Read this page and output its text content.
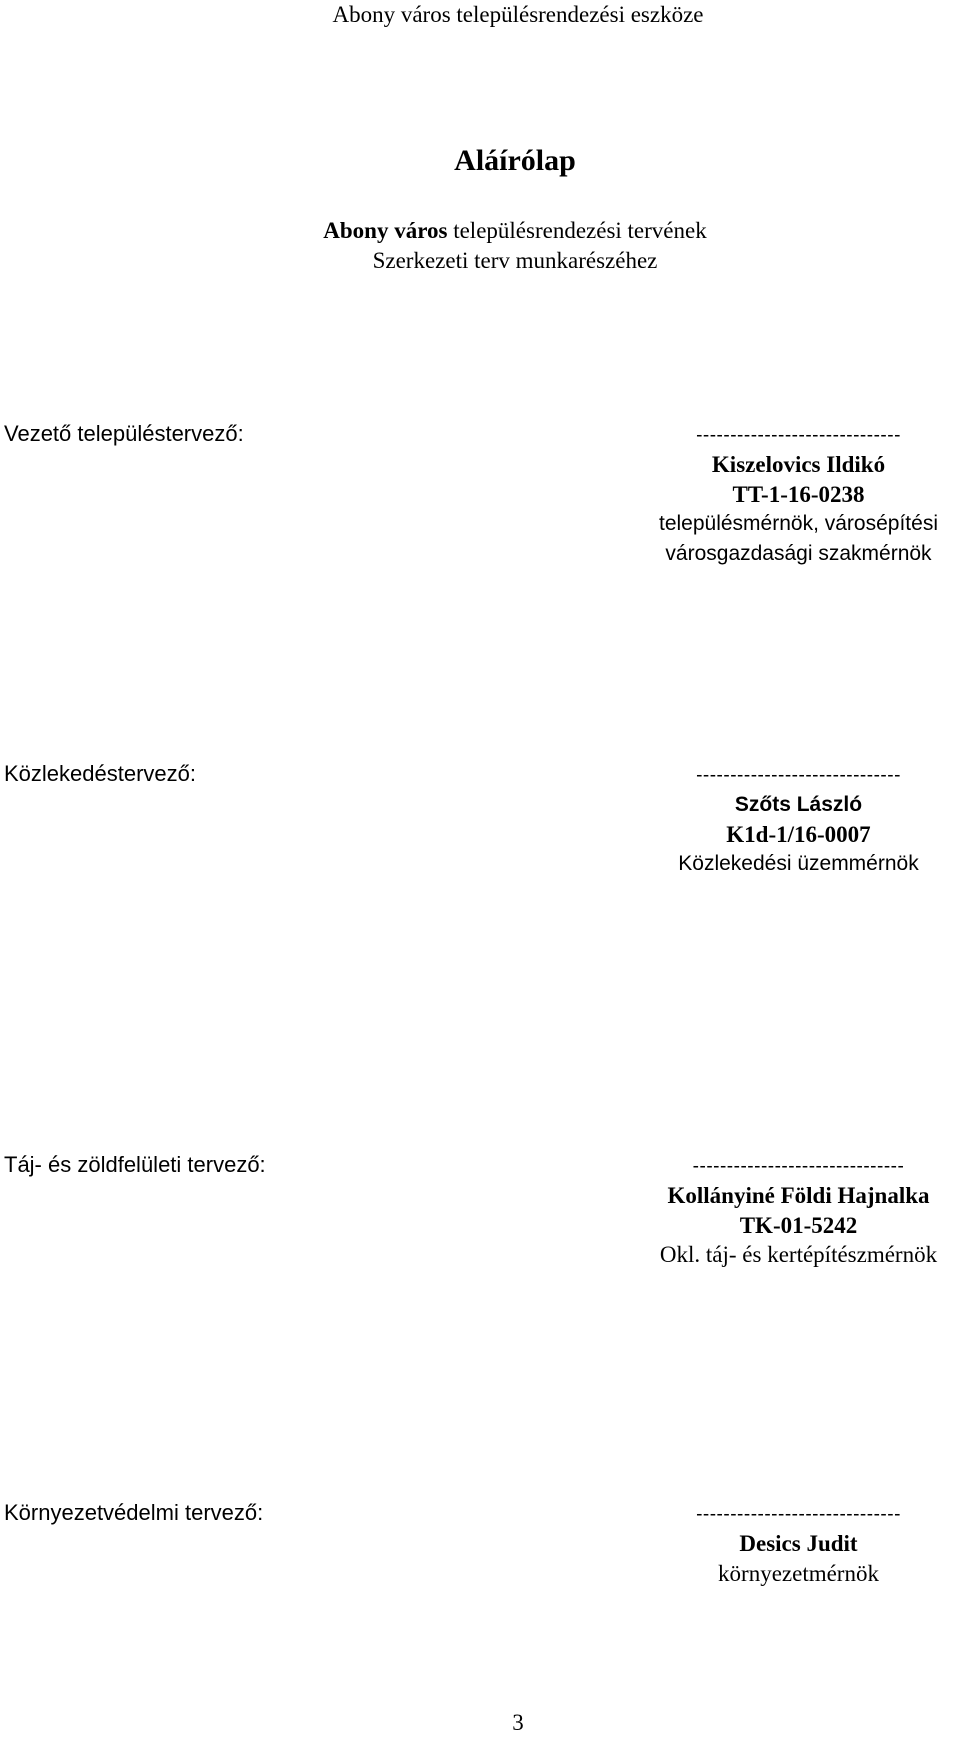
Abony város településrendezési eszköze
Aláírólap
Abony város településrendezési tervének
Szerkezeti terv munkarészéhez
Vezető településtervező:	------------------------------
Kiszelovics Ildikó
TT-1-16-0238
településmérnök, városépítési
városgazdasági szakmérnök
Közlekedéstervező:	------------------------------
Szőts László
K1d-1/16-0007
Közlekedési üzemmérnök
Táj- és zöldfelületi tervező:	-------------------------------
Kollányiné Földi Hajnalka
TK-01-5242
Okl. táj- és kertépítészmérnök
Környezetvédelmi tervező:	------------------------------
Desics Judit
környezetmérnök
3
